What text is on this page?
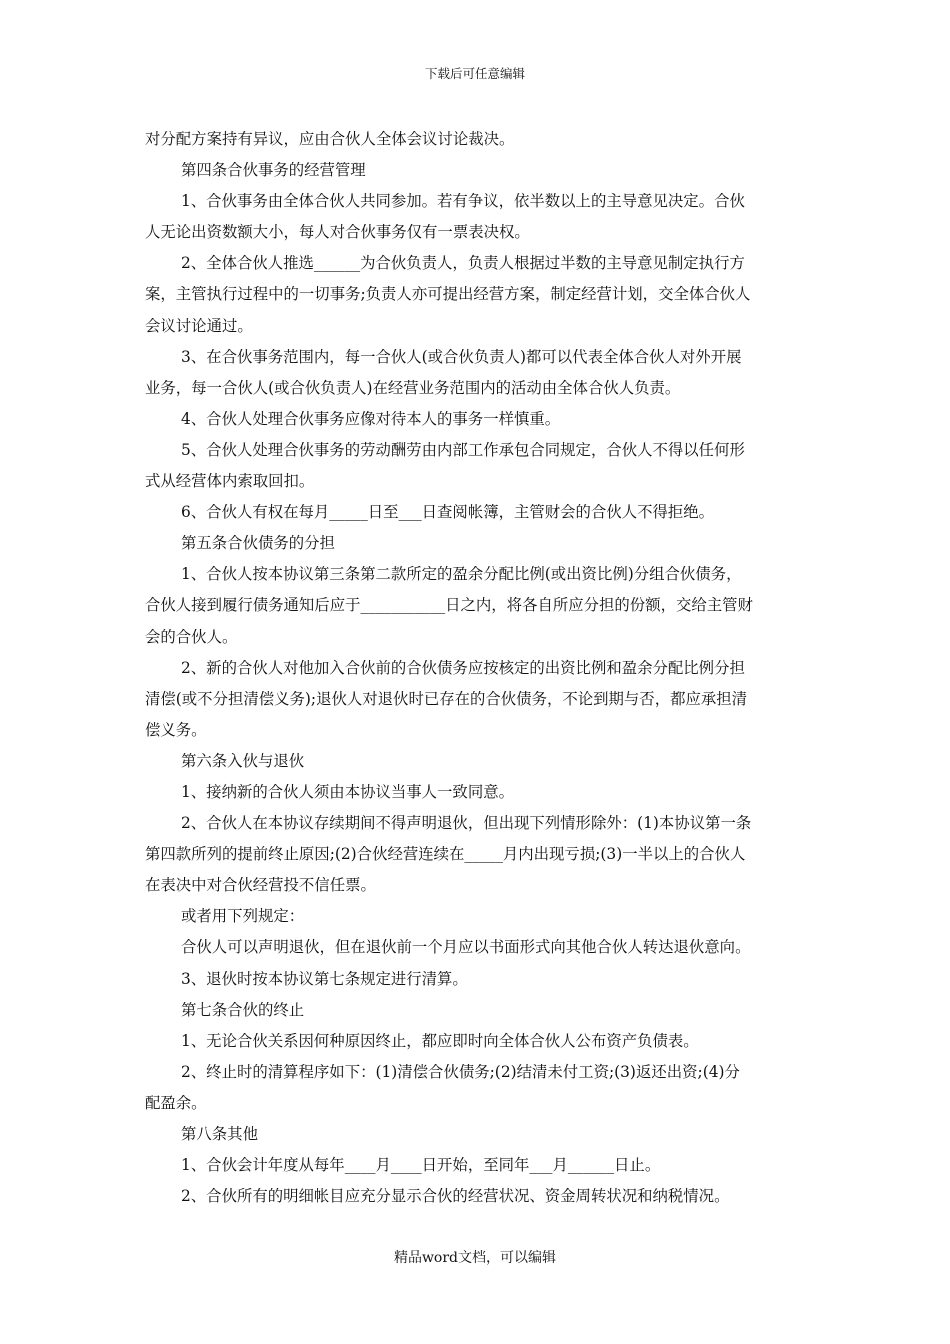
下载后可任意编辑
对分配方案持有异议，应由合伙人全体会议讨论裁决。
第四条合伙事务的经营管理
1、合伙事务由全体合伙人共同参加。若有争议，依半数以上的主导意见决定。合伙
人无论出资数额大小，每人对合伙事务仅有一票表决权。
2、全体合伙人推选______为合伙负责人，负责人根据过半数的主导意见制定执行方
案，主管执行过程中的一切事务;负责人亦可提出经营方案，制定经营计划，交全体合伙人
会议讨论通过。
3、在合伙事务范围内，每一合伙人(或合伙负责人)都可以代表全体合伙人对外开展
业务，每一合伙人(或合伙负责人)在经营业务范围内的活动由全体合伙人负责。
4、合伙人处理合伙事务应像对待本人的事务一样慎重。
5、合伙人处理合伙事务的劳动酬劳由内部工作承包合同规定，合伙人不得以任何形
式从经营体内索取回扣。
6、合伙人有权在每月_____日至___日查阅帐簿，主管财会的合伙人不得拒绝。
第五条合伙债务的分担
1、合伙人按本协议第三条第二款所定的盈余分配比例(或出资比例)分组合伙债务，
合伙人接到履行债务通知后应于___________日之内，将各自所应分担的份额，交给主管财
会的合伙人。
2、新的合伙人对他加入合伙前的合伙债务应按核定的出资比例和盈余分配比例分担
清偿(或不分担清偿义务);退伙人对退伙时已存在的合伙债务，不论到期与否，都应承担清
偿义务。
第六条入伙与退伙
1、接纳新的合伙人须由本协议当事人一致同意。
2、合伙人在本协议存续期间不得声明退伙，但出现下列情形除外：(1)本协议第一条
第四款所列的提前终止原因;(2)合伙经营连续在_____月内出现亏损;(3)一半以上的合伙人
在表决中对合伙经营投不信任票。
或者用下列规定：
合伙人可以声明退伙，但在退伙前一个月应以书面形式向其他合伙人转达退伙意向。
3、退伙时按本协议第七条规定进行清算。
第七条合伙的终止
1、无论合伙关系因何种原因终止，都应即时向全体合伙人公布资产负债表。
2、终止时的清算程序如下：(1)清偿合伙债务;(2)结清未付工资;(3)返还出资;(4)分
配盈余。
第八条其他
1、合伙会计年度从每年____月____日开始，至同年___月______日止。
2、合伙所有的明细帐目应充分显示合伙的经营状况、资金周转状况和纳税情况。
精品word文档，可以编辑
